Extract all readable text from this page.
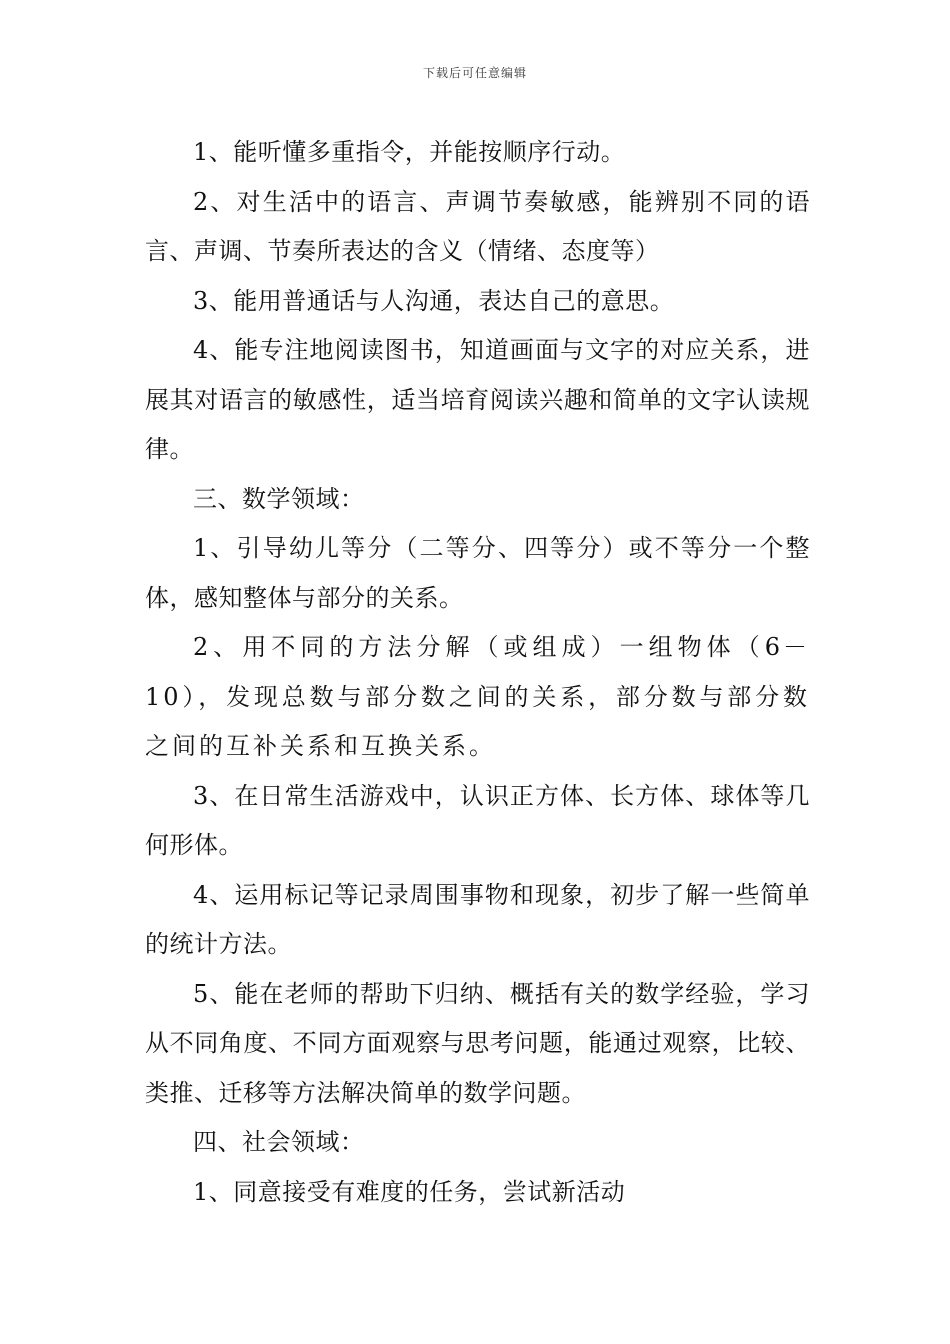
下载后可任意编辑

1、能听懂多重指令，并能按顺序行动。

2、对生活中的语言、声调节奏敏感，能辨别不同的语言、声调、节奏所表达的含义（情绪、态度等）

3、能用普通话与人沟通，表达自己的意思。

4、能专注地阅读图书，知道画面与文字的对应关系，进展其对语言的敏感性，适当培育阅读兴趣和简单的文字认读规律。

三、数学领域：

1、引导幼儿等分（二等分、四等分）或不等分一个整体，感知整体与部分的关系。

2、用不同的方法分解（或组成）一组物体（6－10），发现总数与部分数之间的关系，部分数与部分数之间的互补关系和互换关系。

3、在日常生活游戏中，认识正方体、长方体、球体等几何形体。

4、运用标记等记录周围事物和现象，初步了解一些简单的统计方法。

5、能在老师的帮助下归纳、概括有关的数学经验，学习从不同角度、不同方面观察与思考问题，能通过观察，比较、类推、迁移等方法解决简单的数学问题。

四、社会领域：

1、同意接受有难度的任务，尝试新活动
